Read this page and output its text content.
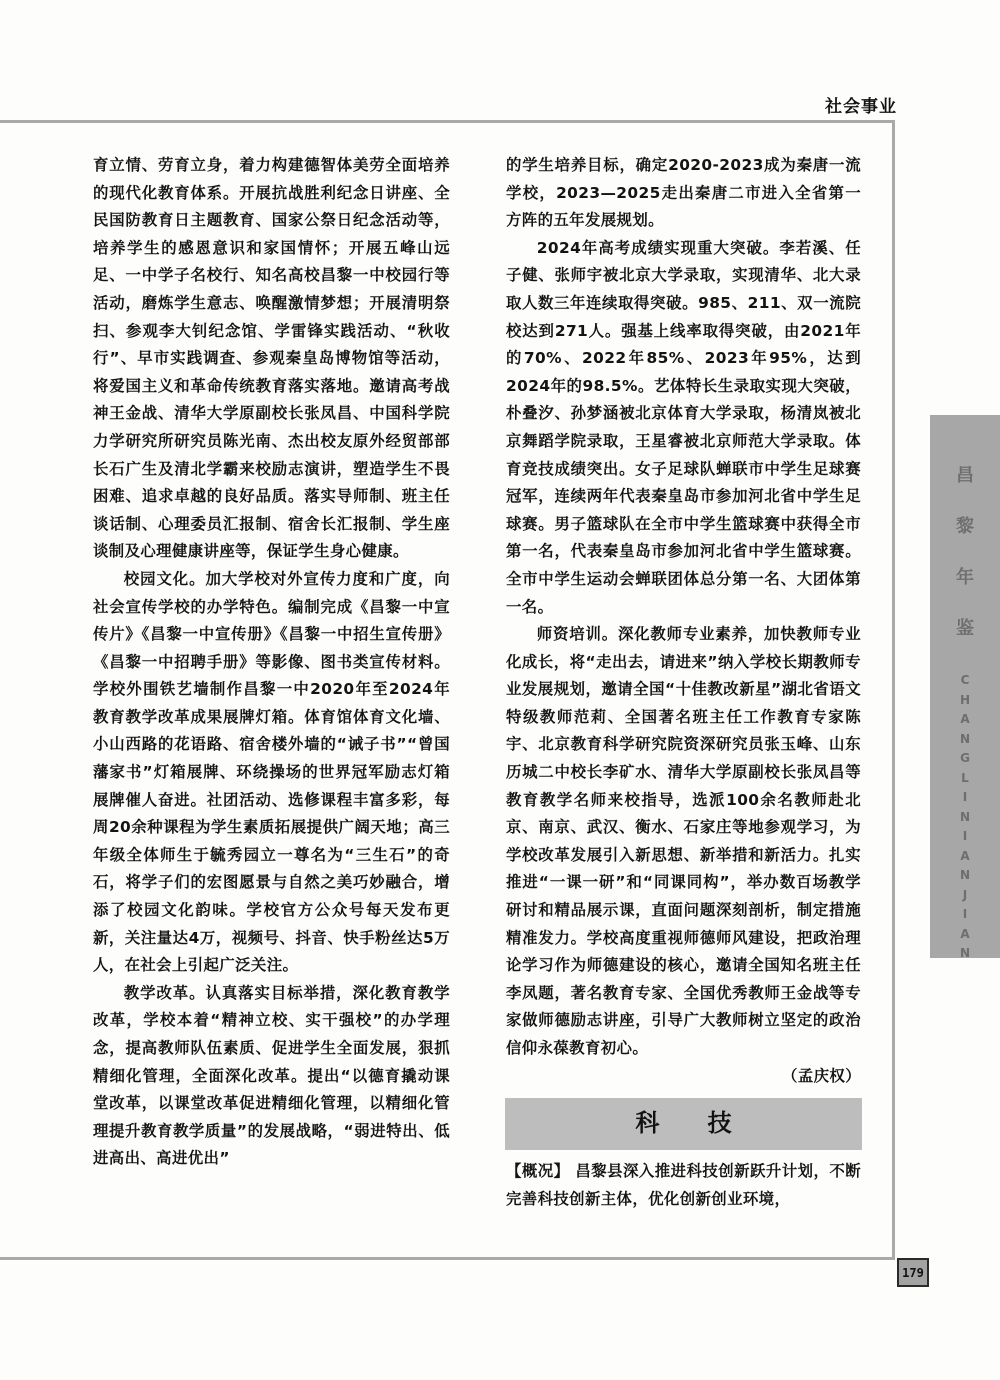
社会事业

育立情、劳育立身，着力构建德智体美劳全面培养的现代化教育体系。开展抗战胜利纪念日讲座、全民国防教育日主题教育、国家公祭日纪念活动等，培养学生的感恩意识和家国情怀；开展五峰山远足、一中学子名校行、知名高校昌黎一中校园行等活动，磨炼学生意志、唤醒激情梦想；开展清明祭扫、参观李大钊纪念馆、学雷锋实践活动、“秋收行”、早市实践调查、参观秦皇岛博物馆等活动，将爱国主义和革命传统教育落实落地。邀请高考战神王金战、清华大学原副校长张凤昌、中国科学院力学研究所研究员陈光南、杰出校友原外经贸部部长石广生及清北学霸来校励志演讲，塑造学生不畏困难、追求卓越的良好品质。落实导师制、班主任谈话制、心理委员汇报制、宿舍长汇报制、学生座谈制及心理健康讲座等，保证学生身心健康。

校园文化。加大学校对外宣传力度和广度，向社会宣传学校的办学特色。编制完成《昌黎一中宣传片》《昌黎一中宣传册》《昌黎一中招生宣传册》《昌黎一中招聘手册》等影像、图书类宣传材料。学校外围铁艺墙制作昌黎一中2020年至2024年教育教学改革成果展牌灯箱。体育馆体育文化墙、小山西路的花语路、宿舍楼外墙的“诫子书”“曾国藩家书”灯箱展牌、环绕操场的世界冠军励志灯箱展牌催人奋进。社团活动、选修课程丰富多彩，每周20余种课程为学生素质拓展提供广阔天地；高三年级全体师生于毓秀园立一尊名为“三生石”的奇石，将学子们的宏图愿景与自然之美巧妙融合，增添了校园文化韵味。学校官方公众号每天发布更新，关注量达4万，视频号、抖音、快手粉丝达5万人，在社会上引起广泛关注。

教学改革。认真落实目标举措，深化教育教学改革，学校本着“精神立校、实干强校”的办学理念，提高教师队伍素质、促进学生全面发展，狠抓精细化管理，全面深化改革。提出“以德育撬动课堂改革，以课堂改革促进精细化管理，以精细化管理提升教育教学质量”的发展战略，“弱进特出、低进高出、高进优出”

的学生培养目标，确定2020-2023成为秦唐一流学校，2023—2025走出秦唐二市进入全省第一方阵的五年发展规划。

2024年高考成绩实现重大突破。李若溪、任子健、张师宇被北京大学录取，实现清华、北大录取人数三年连续取得突破。985、211、双一流院校达到271人。强基上线率取得突破，由2021年的70%、2022年85%、2023年95%，达到2024年的98.5%。艺体特长生录取实现大突破，朴叠汐、孙梦涵被北京体育大学录取，杨清岚被北京舞蹈学院录取，王星睿被北京师范大学录取。体育竞技成绩突出。女子足球队蝉联市中学生足球赛冠军，连续两年代表秦皇岛市参加河北省中学生足球赛。男子篮球队在全市中学生篮球赛中获得全市第一名，代表秦皇岛市参加河北省中学生篮球赛。全市中学生运动会蝉联团体总分第一名、大团体第一名。

师资培训。深化教师专业素养，加快教师专业化成长，将“走出去，请进来”纳入学校长期教师专业发展规划，邀请全国“十佳教改新星”湖北省语文特级教师范莉、全国著名班主任工作教育专家陈宇、北京教育科学研究院资深研究员张玉峰、山东历城二中校长李矿水、清华大学原副校长张凤昌等教育教学名师来校指导，选派100余名教师赴北京、南京、武汉、衡水、石家庄等地参观学习，为学校改革发展引入新思想、新举措和新活力。扎实推进“一课一研”和“同课同构”，举办数百场教学研讨和精品展示课，直面问题深刻剖析，制定措施精准发力。学校高度重视师德师风建设，把政治理论学习作为师德建设的核心，邀请全国知名班主任李凤题，著名教育专家、全国优秀教师王金战等专家做师德励志讲座，引导广大教师树立坚定的政治信仰永葆教育初心。

（孟庆权）

科 技

【概况】 昌黎县深入推进科技创新跃升计划，不断完善科技创新主体，优化创新创业环境，

昌
黎
年
鉴
C
H
A
N
G
L
I
N
I
A
N
J
I
A
N
179
